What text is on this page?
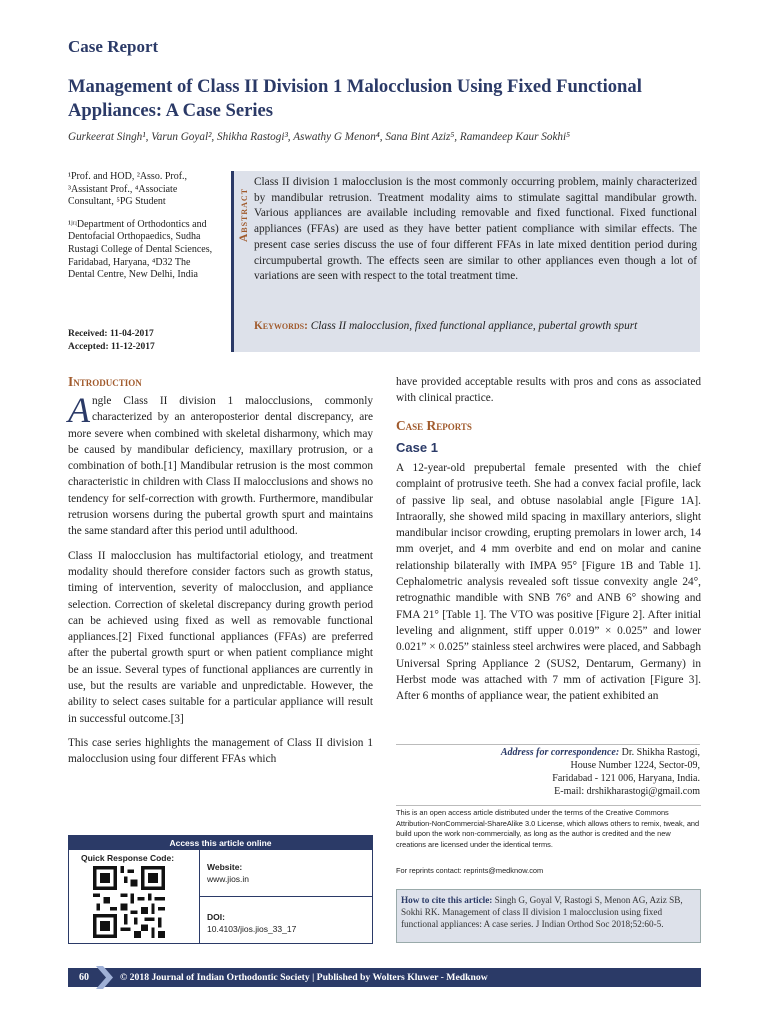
Case Report
Management of Class II Division 1 Malocclusion Using Fixed Functional Appliances: A Case Series
Gurkeerat Singh¹, Varun Goyal², Shikha Rastogi³, Aswathy G Menon⁴, Sana Bint Aziz⁵, Ramandeep Kaur Sokhi⁵

¹Prof. and HOD, ²Asso. Prof., ³Assistant Prof., ⁴Associate Consultant, ⁵PG Student

¹ʲʳʵDepartment of Orthodontics and Dentofacial Orthopaedics, Sudha Rustagi College of Dental Sciences, Faridabad, Haryana, ⁴D32 The Dental Centre, New Delhi, India

Received: 11-04-2017
Accepted: 11-12-2017
Abstract

Class II division 1 malocclusion is the most commonly occurring problem, mainly characterized by mandibular retrusion. Treatment modality aims to stimulate sagittal mandibular growth. Various appliances are available including removable and fixed functional. Fixed functional appliances (FFAs) are used as they have better patient compliance with similar effects. The present case series discuss the use of four different FFAs in late mixed dentition period during circumpubertal growth. The effects seen are similar to other appliances even though a lot of variations are seen with respect to the total treatment time.

Keywords: Class II malocclusion, fixed functional appliance, pubertal growth spurt

Introduction

Angle Class II division 1 malocclusions, commonly characterized by an anteroposterior dental discrepancy, are more severe when combined with skeletal disharmony, which may be caused by mandibular deficiency, maxillary protrusion, or a combination of both.[1] Mandibular retrusion is the most common characteristic in children with Class II malocclusions and shows no tendency for self-correction with growth. Furthermore, mandibular retrusion worsens during the pubertal growth spurt and maintains the same standard after this period until adulthood.

Class II malocclusion has multifactorial etiology, and treatment modality should therefore consider factors such as growth status, timing of intervention, severity of malocclusion, and appliance selection. Correction of skeletal discrepancy during growth period can be achieved using fixed as well as removable functional appliances.[2] Fixed functional appliances (FFAs) are preferred after the pubertal growth spurt or when patient compliance might be an issue. Several types of functional appliances are currently in use, but the results are variable and unpredictable. However, the ability to select cases suitable for a particular appliance will result in successful outcome.[3]

This case series highlights the management of Class II division 1 malocclusion using four different FFAs which

have provided acceptable results with pros and cons as associated with clinical practice.
Case Reports
Case 1
A 12-year-old prepubertal female presented with the chief complaint of protrusive teeth. She had a convex facial profile, lack of passive lip seal, and obtuse nasolabial angle [Figure 1A]. Intraorally, she showed mild spacing in maxillary anteriors, slight mandibular incisor crowding, erupting premolars in lower arch, 14 mm overjet, and 4 mm overbite and end on molar and canine relationship bilaterally with IMPA 95° [Figure 1B and Table 1]. Cephalometric analysis revealed soft tissue convexity angle 24°, retrognathic mandible with SNB 76° and ANB 6° showing and FMA 21° [Table 1]. The VTO was positive [Figure 2]. After initial leveling and alignment, stiff upper 0.019” × 0.025” and lower 0.021” × 0.025” stainless steel archwires were placed, and Sabbagh Universal Spring Appliance 2 (SUS2, Dentarum, Germany) in Herbst mode was attached with 7 mm of activation [Figure 3]. After 6 months of appliance wear, the patient exhibited an
Address for correspondence: Dr. Shikha Rastogi,
House Number 1224, Sector-09,
Faridabad - 121 006, Haryana, India.
E-mail: drshikharastogi@gmail.com
This is an open access article distributed under the terms of the Creative Commons Attribution-NonCommercial-ShareAlike 3.0 License, which allows others to remix, tweak, and build upon the work non-commercially, as long as the author is credited and the new creations are licensed under the identical terms.
For reprints contact: reprints@medknow.com
How to cite this article: Singh G, Goyal V, Rastogi S, Menon AG, Aziz SB, Sokhi RK. Management of class II division 1 malocclusion using fixed functional appliances: A case series. J Indian Orthod Soc 2018;52:60-5.
Access this article online
Quick Response Code:
Website:
www.jios.in
DOI:
10.4103/jios.jios_33_17
60	© 2018 Journal of Indian Orthodontic Society | Published by Wolters Kluwer - Medknow
